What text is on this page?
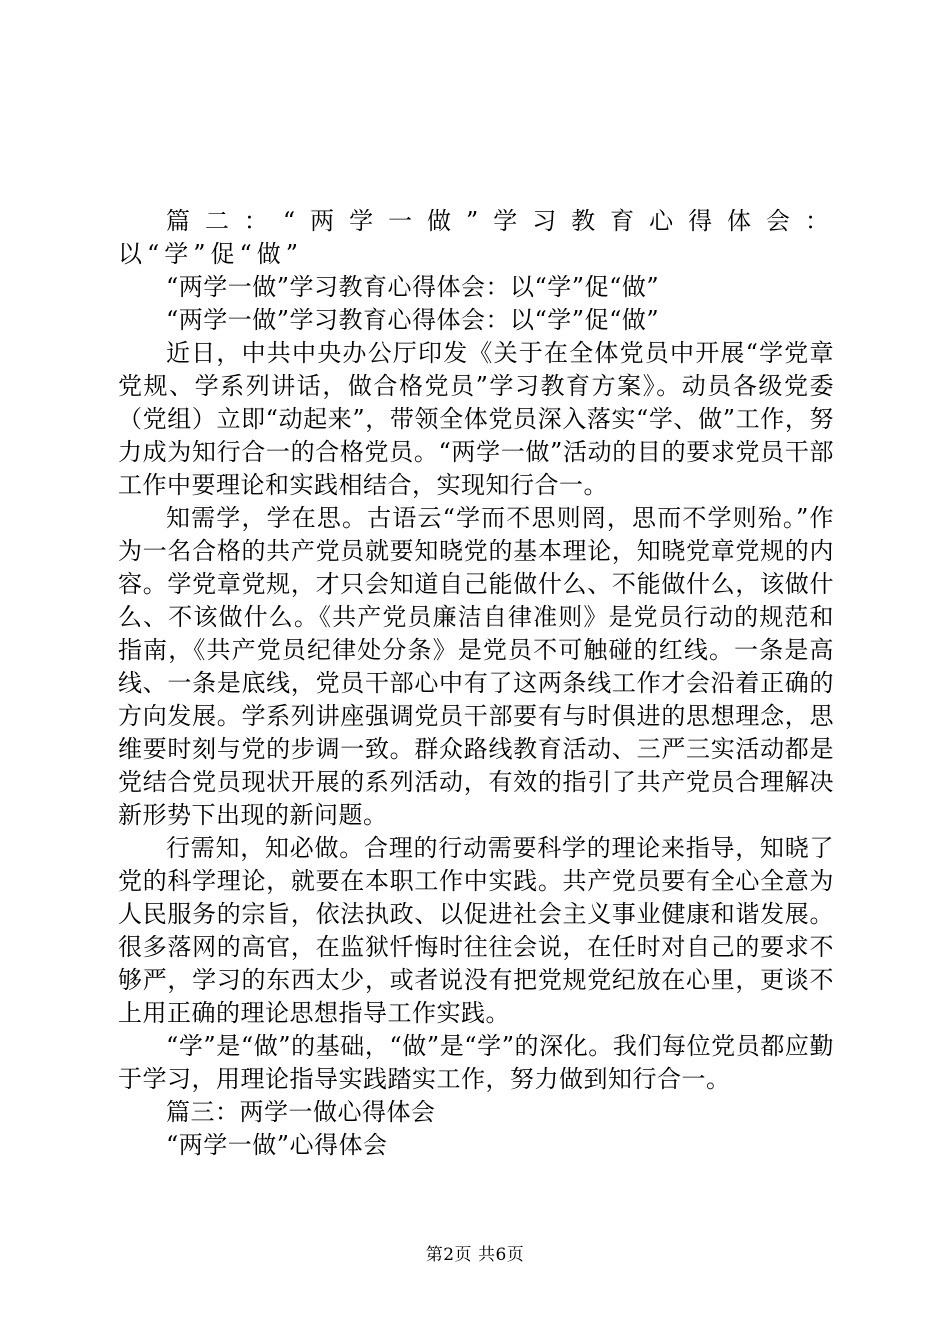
篇二：“两学一做”学习教育心得体会：以“学”促“做”

“两学一做”学习教育心得体会：以“学”促“做”

“两学一做”学习教育心得体会：以“学”促“做”

近日，中共中央办公厅印发《关于在全体党员中开展“学党章党规、学系列讲话，做合格党员”学习教育方案》。动员各级党委（党组）立即“动起来”，带领全体党员深入落实“学、做”工作，努力成为知行合一的合格党员。“两学一做”活动的目的要求党员干部工作中要理论和实践相结合，实现知行合一。

知需学，学在思。古语云“学而不思则罔，思而不学则殆。”作为一名合格的共产党员就要知晓党的基本理论，知晓党章党规的内容。学党章党规，才只会知道自己能做什么、不能做什么，该做什么、不该做什么。《共产党员廉洁自律准则》是党员行动的规范和指南，《共产党员纪律处分条》是党员不可触碰的红线。一条是高线、一条是底线，党员干部心中有了这两条线工作才会沿着正确的方向发展。学系列讲座强调党员干部要有与时俱进的思想理念，思维要时刻与党的步调一致。群众路线教育活动、三严三实活动都是党结合党员现状开展的系列活动，有效的指引了共产党员合理解决新形势下出现的新问题。

行需知，知必做。合理的行动需要科学的理论来指导，知晓了党的科学理论，就要在本职工作中实践。共产党员要有全心全意为人民服务的宗旨，依法执政、以促进社会主义事业健康和谐发展。很多落网的高官，在监狱忏悔时往往会说，在任时对自己的要求不够严，学习的东西太少，或者说没有把党规党纪放在心里，更谈不上用正确的理论思想指导工作实践。

“学”是“做”的基础，“做”是“学”的深化。我们每位党员都应勤于学习，用理论指导实践踏实工作，努力做到知行合一。

篇三：两学一做心得体会

“两学一做”心得体会

第2页 共6页
